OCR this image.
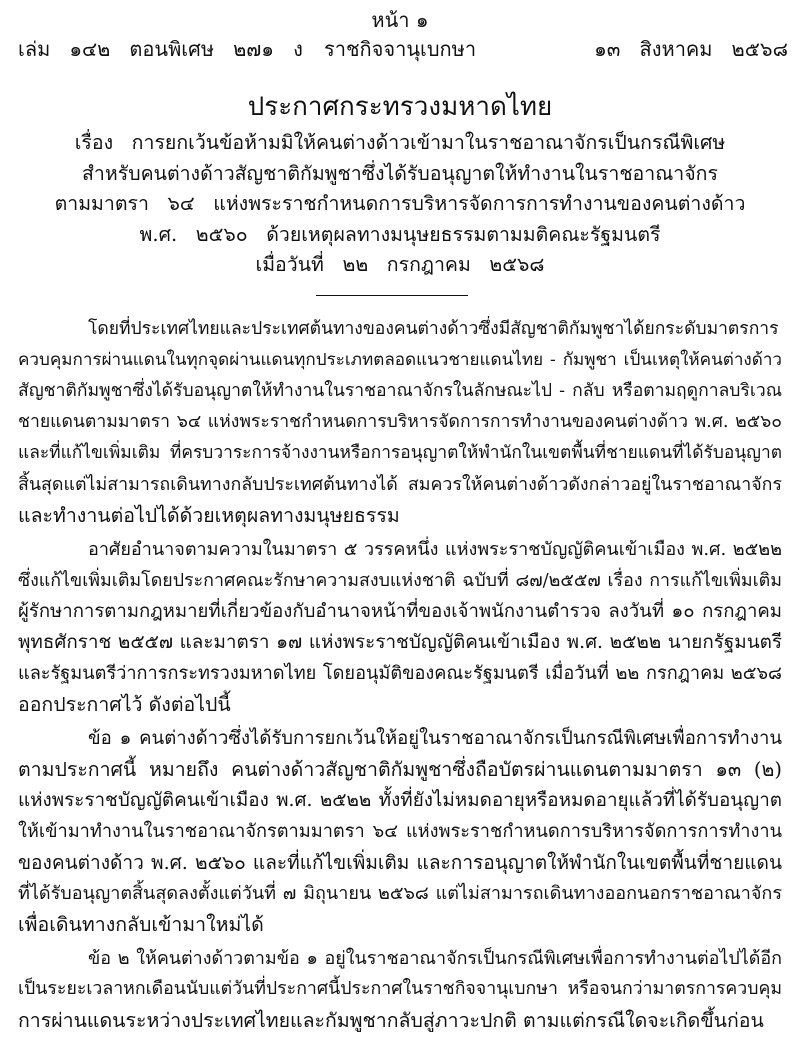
หน้า ๑
เล่ม   ๑๔๒   ตอนพิเศษ   ๒๗๑   ง ราชกิจจานุเบกษา	๑๓   สิงหาคม   ๒๕๖๘
ประกาศกระทรวงมหาดไทย
เรื่อง   การยกเว้นข้อห้ามมิให้คนต่างด้าวเข้ามาในราชอาณาจักรเป็นกรณีพิเศษ
สำหรับคนต่างด้าวสัญชาติกัมพูชาซึ่งได้รับอนุญาตให้ทำงานในราชอาณาจักร
ตามมาตรา   ๖๔   แห่งพระราชกำหนดการบริหารจัดการการทำงานของคนต่างด้าว
พ.ศ.   ๒๕๖๐   ด้วยเหตุผลทางมนุษยธรรมตามมติคณะรัฐมนตรี
เมื่อวันที่   ๒๒   กรกฎาคม   ๒๕๖๘
โดยที่ประเทศไทยและประเทศต้นทางของคนต่างด้าวซึ่งมีสัญชาติกัมพูชาได้ยกระดับมาตรการ
ควบคุมการผ่านแดนในทุกจุดผ่านแดนทุกประเภทตลอดแนวชายแดนไทย - กัมพูชา เป็นเหตุให้คนต่างด้าว
สัญชาติกัมพูชาซึ่งได้รับอนุญาตให้ทำงานในราชอาณาจักรในลักษณะไป - กลับ หรือตามฤดูกาลบริเวณ
ชายแดนตามมาตรา ๖๔ แห่งพระราชกำหนดการบริหารจัดการการทำงานของคนต่างด้าว พ.ศ. ๒๕๖๐
และที่แก้ไขเพิ่มเติม ที่ครบวาระการจ้างงานหรือการอนุญาตให้พำนักในเขตพื้นที่ชายแดนที่ได้รับอนุญาต
สิ้นสุดแต่ไม่สามารถเดินทางกลับประเทศต้นทางได้ สมควรให้คนต่างด้าวดังกล่าวอยู่ในราชอาณาจักร
และทำงานต่อไปได้ด้วยเหตุผลทางมนุษยธรรม
อาศัยอำนาจตามความในมาตรา ๕ วรรคหนึ่ง แห่งพระราชบัญญัติคนเข้าเมือง พ.ศ. ๒๕๒๒
ซึ่งแก้ไขเพิ่มเติมโดยประกาศคณะรักษาความสงบแห่งชาติ ฉบับที่ ๘๗/๒๕๕๗ เรื่อง การแก้ไขเพิ่มเติม
ผู้รักษาการตามกฎหมายที่เกี่ยวข้องกับอำนาจหน้าที่ของเจ้าพนักงานตำรวจ ลงวันที่ ๑๐ กรกฎาคม
พุทธศักราช ๒๕๕๗ และมาตรา ๑๗ แห่งพระราชบัญญัติคนเข้าเมือง พ.ศ. ๒๕๒๒ นายกรัฐมนตรี
และรัฐมนตรีว่าการกระทรวงมหาดไทย โดยอนุมัติของคณะรัฐมนตรี เมื่อวันที่ ๒๒ กรกฎาคม ๒๕๖๘
ออกประกาศไว้ ดังต่อไปนี้
ข้อ ๑ คนต่างด้าวซึ่งได้รับการยกเว้นให้อยู่ในราชอาณาจักรเป็นกรณีพิเศษเพื่อการทำงาน
ตามประกาศนี้ หมายถึง คนต่างด้าวสัญชาติกัมพูชาซึ่งถือบัตรผ่านแดนตามมาตรา ๑๓ (๒)
แห่งพระราชบัญญัติคนเข้าเมือง พ.ศ. ๒๕๒๒ ทั้งที่ยังไม่หมดอายุหรือหมดอายุแล้วที่ได้รับอนุญาต
ให้เข้ามาทำงานในราชอาณาจักรตามมาตรา ๖๔ แห่งพระราชกำหนดการบริหารจัดการการทำงาน
ของคนต่างด้าว พ.ศ. ๒๕๖๐ และที่แก้ไขเพิ่มเติม และการอนุญาตให้พำนักในเขตพื้นที่ชายแดน
ที่ได้รับอนุญาตสิ้นสุดลงตั้งแต่วันที่ ๗ มิถุนายน ๒๕๖๘ แต่ไม่สามารถเดินทางออกนอกราชอาณาจักร
เพื่อเดินทางกลับเข้ามาใหม่ได้
ข้อ ๒ ให้คนต่างด้าวตามข้อ ๑ อยู่ในราชอาณาจักรเป็นกรณีพิเศษเพื่อการทำงานต่อไปได้อีก
เป็นระยะเวลาหกเดือนนับแต่วันที่ประกาศนี้ประกาศในราชกิจจานุเบกษา หรือจนกว่ามาตรการควบคุม
การผ่านแดนระหว่างประเทศไทยและกัมพูชากลับสู่ภาวะปกติ ตามแต่กรณีใดจะเกิดขึ้นก่อน
